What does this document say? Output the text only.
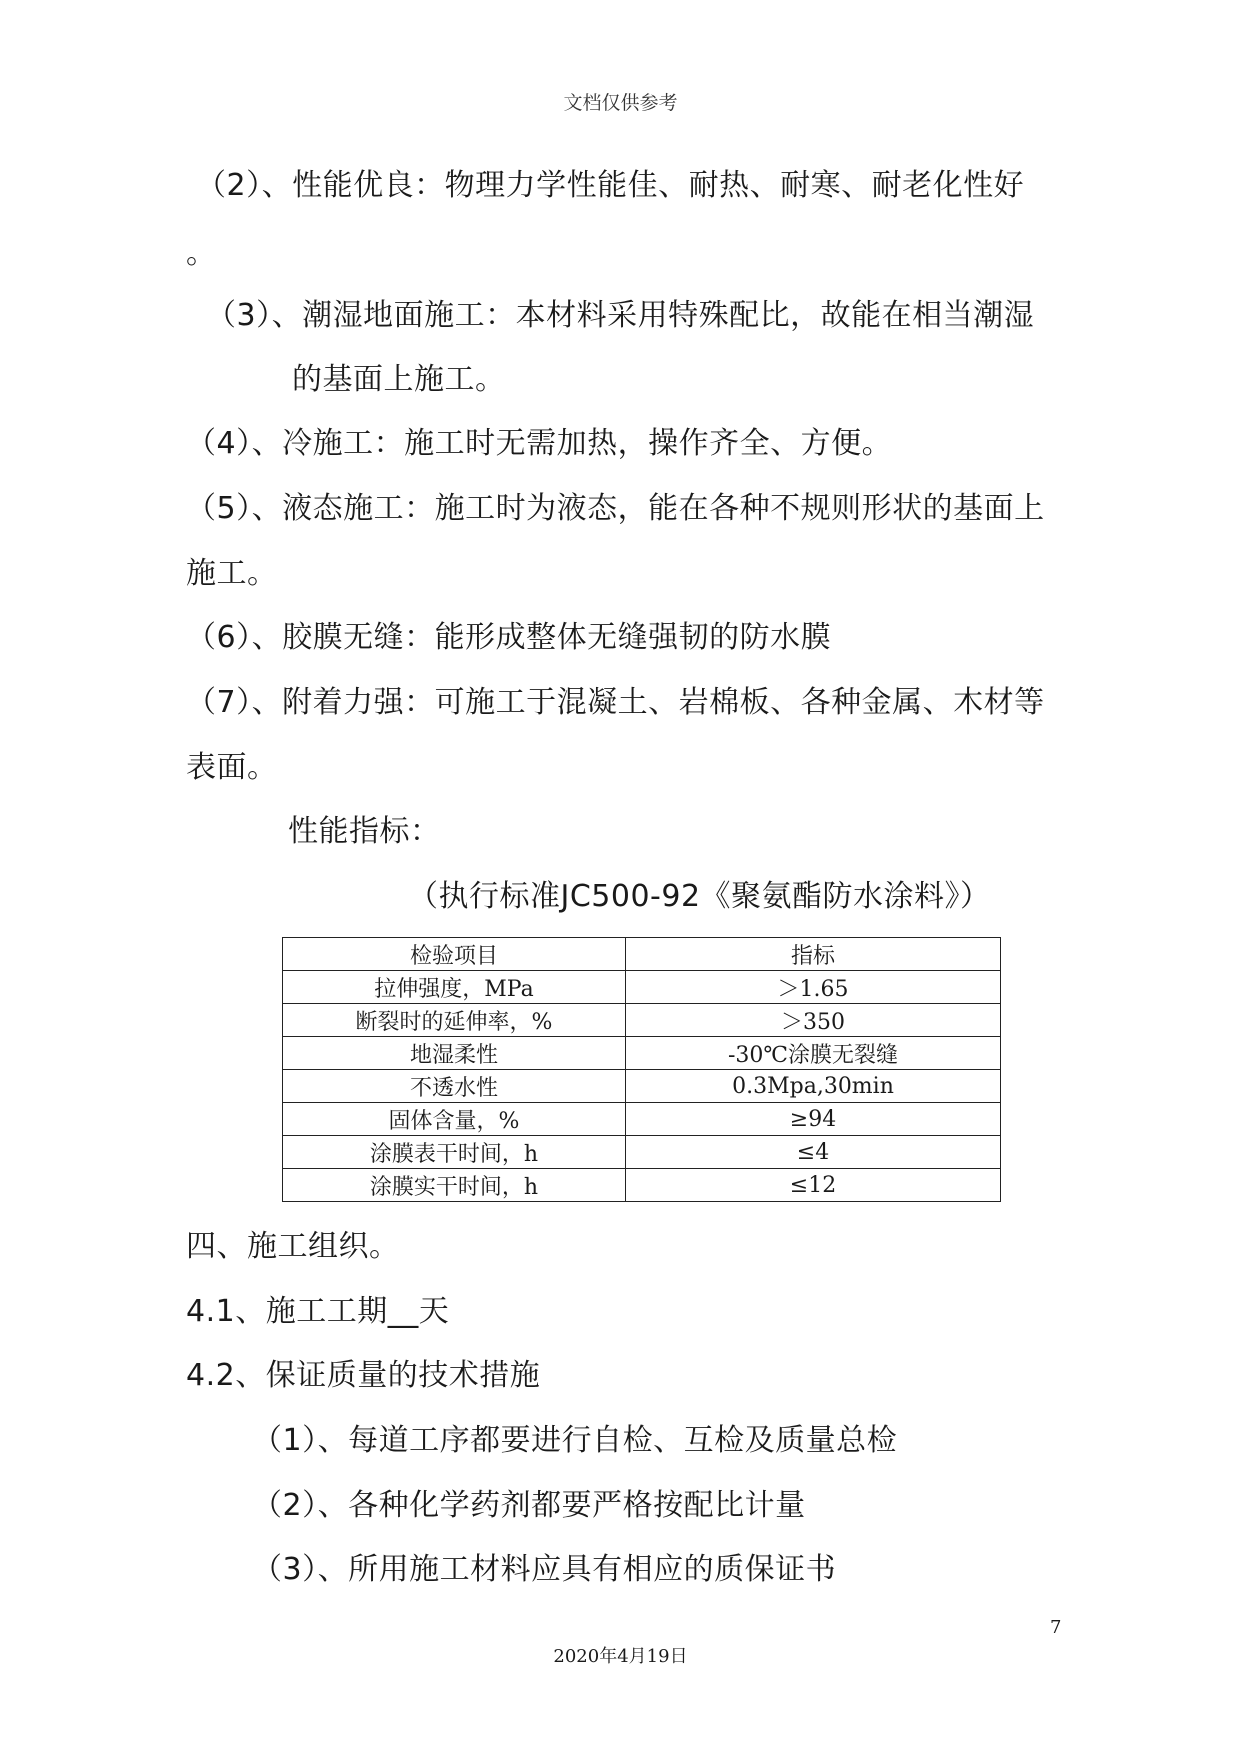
文档仅供参考
（2）、性能优良：物理力学性能佳、耐热、耐寒、耐老化性好
。
（3）、潮湿地面施工：本材料采用特殊配比，故能在相当潮湿
的基面上施工。
（4）、冷施工：施工时无需加热，操作齐全、方便。
（5）、液态施工：施工时为液态，能在各种不规则形状的基面上
施工。
（6）、胶膜无缝：能形成整体无缝强韧的防水膜
（7）、附着力强：可施工于混凝土、岩棉板、各种金属、木材等
表面。
性能指标：
（执行标准JC500-92《聚氨酯防水涂料》）
检验项目	指标
拉伸强度，MPa	＞1.65
断裂时的延伸率，%	＞350
地湿柔性	-30℃涂膜无裂缝
不透水性	0.3Mpa,30min
固体含量，%	≥94
涂膜表干时间，h	≤4
涂膜实干时间，h	≤12
四、施工组织。
4.1、施工工期__天
4.2、保证质量的技术措施
（1）、每道工序都要进行自检、互检及质量总检
（2）、各种化学药剂都要严格按配比计量
（3）、所用施工材料应具有相应的质保证书
7
2020年4月19日
